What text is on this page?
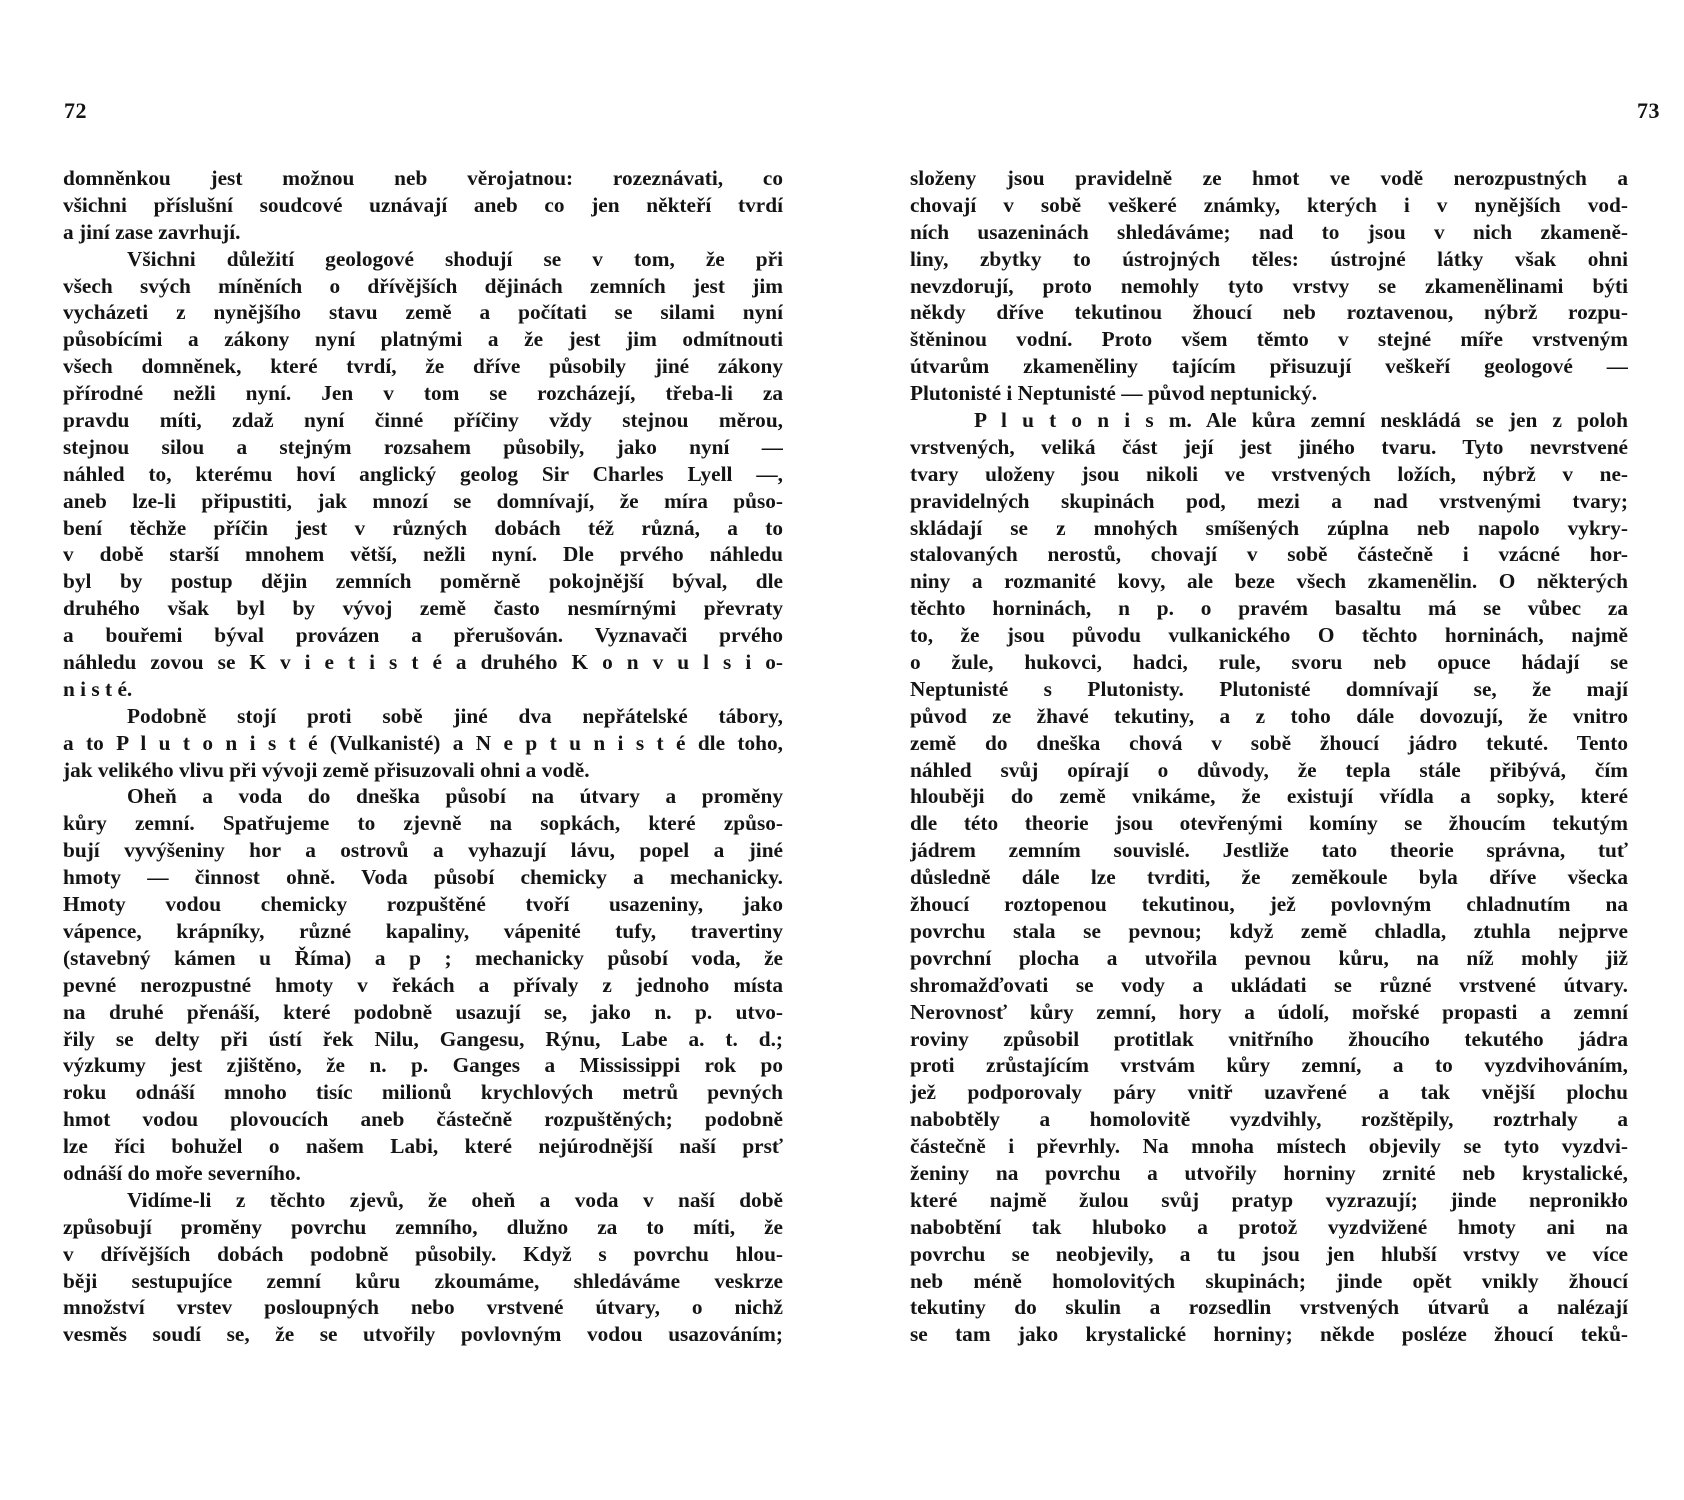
72
domněnkou jest možnou neb věrojatnou: rozeznávati, co
všichni příslušní soudcové uznávají aneb co jen někteří tvrdí
a jiní zase zavrhují.
Všichni důležití geologové shodují se v tom, že při
všech svých míněních o dřívějších dějinách zemních jest jim
vycházeti z nynějšího stavu země a počítati se silami nyní
působícími a zákony nyní platnými a že jest jim odmítnouti
všech domněnek, které tvrdí, že dříve působily jiné zákony
přírodné nežli nyní. Jen v tom se rozcházejí, třeba-li za
pravdu míti, zdaž nyní činné příčiny vždy stejnou měrou,
stejnou silou a stejným rozsahem působily, jako nyní —
náhled to, kterému hoví anglický geolog Sir Charles Lyell —,
aneb lze-li připustiti, jak mnozí se domnívají, že míra půso-
bení těchže příčin jest v různých dobách též různá, a to
v době starší mnohem větší, nežli nyní. Dle prvého náhledu
byl by postup dějin zemních poměrně pokojnější býval, dle
druhého však byl by vývoj země často nesmírnými převraty
a bouřemi býval provázen a přerušován. Vyznavači prvého
náhledu zovou se K v i e t i s t é a druhého K o n v u l s i o-
n i s t é.
Podobně stojí proti sobě jiné dva nepřátelské tábory,
a to P l u t o n i s t é (Vulkanisté) a N e p t u n i s t é dle toho,
jak velikého vlivu při vývoji země přisuzovali ohni a vodě.
Oheň a voda do dneška působí na útvary a proměny
kůry zemní. Spatřujeme to zjevně na sopkách, které způso-
bují vyvýšeniny hor a ostrovů a vyhazují lávu, popel a jiné
hmoty — činnost ohně. Voda působí chemicky a mechanicky.
Hmoty vodou chemicky rozpuštěné tvoří usazeniny, jako
vápence, krápníky, různé kapaliny, vápenité tufy, travertiny
(stavebný kámen u Říma) a p ; mechanicky působí voda, že
pevné nerozpustné hmoty v řekách a přívaly z jednoho místa
na druhé přenáší, které podobně usazují se, jako n. p. utvo-
řily se delty při ústí řek Nilu, Gangesu, Rýnu, Labe a. t. d.;
výzkumy jest zjištěno, že n. p. Ganges a Mississippi rok po
roku odnáší mnoho tisíc milionů krychlových metrů pevných
hmot vodou plovoucích aneb částečně rozpuštěných; podobně
lze říci bohužel o našem Labi, které nejúrodnější naší prsť
odnáší do moře severního.
Vidíme-li z těchto zjevů, že oheň a voda v naší době
způsobují proměny povrchu zemního, dlužno za to míti, že
v dřívějších dobách podobně působily. Když s povrchu hlou-
běji sestupujíce zemní kůru zkoumáme, shledáváme veskrze
množství vrstev posloupných nebo vrstvené útvary, o nichž
vesměs soudí se, že se utvořily povlovným vodou usazováním;
73
složeny jsou pravidelně ze hmot ve vodě nerozpustných a
chovají v sobě veškeré známky, kterých i v nynějších vod-
ních usazeninách shledáváme; nad to jsou v nich zkameně-
liny, zbytky to ústrojných těles: ústrojné látky však ohni
nevzdorují, proto nemohly tyto vrstvy se zkamenělinami býti
někdy dříve tekutinou žhoucí neb roztavenou, nýbrž rozpu-
štěninou vodní. Proto všem těmto v stejné míře vrstveným
útvarům zkameněliny tajícím přisuzují veškeří geologové —
Plutonisté i Neptunisté — původ neptunický.
P l u t o n i s m. Ale kůra zemní neskládá se jen z poloh
vrstvených, veliká část její jest jiného tvaru. Tyto nevrstvené
tvary uloženy jsou nikoli ve vrstvených ložích, nýbrž v ne-
pravidelných skupinách pod, mezi a nad vrstvenými tvary;
skládají se z mnohých smíšených zúplna neb napolo vykry-
stalovaných nerostů, chovají v sobě částečně i vzácné hor-
niny a rozmanité kovy, ale beze všech zkamenělin. O některých
těchto horninách, n p. o pravém basaltu má se vůbec za
to, že jsou původu vulkanického O těchto horninách, najmě
o žule, hukovci, hadci, rule, svoru neb opuce hádají se
Neptunisté s Plutonisty. Plutonisté domnívají se, že mají
původ ze žhavé tekutiny, a z toho dále dovozují, že vnitro
země do dneška chová v sobě žhoucí jádro tekuté. Tento
náhled svůj opírají o důvody, že tepla stále přibývá, čím
hlouběji do země vnikáme, že existují vřídla a sopky, které
dle této theorie jsou otevřenými komíny se žhoucím tekutým
jádrem zemním souvislé. Jestliže tato theorie správna, tuť
důsledně dále lze tvrditi, že zeměkoule byla dříve všecka
žhoucí roztopenou tekutinou, jež povlovným chladnutím na
povrchu stala se pevnou; když země chladla, ztuhla nejprve
povrchní plocha a utvořila pevnou kůru, na níž mohly již
shromažďovati se vody a ukládati se různé vrstvené útvary.
Nerovnosť kůry zemní, hory a údolí, mořské propasti a zemní
roviny způsobil protitlak vnitřního žhoucího tekutého jádra
proti zrůstajícím vrstvám kůry zemní, a to vyzdvihováním,
jež podporovaly páry vnitř uzavřené a tak vnější plochu
nabobtěly a homolovitě vyzdvihly, rozštěpily, roztrhaly a
částečně i převrhly. Na mnoha místech objevily se tyto vyzdvi-
ženiny na povrchu a utvořily horniny zrnité neb krystalické,
které najmě žulou svůj pratyp vyzrazují; jinde nepronikło
nabobtění tak hluboko a protož vyzdvižené hmoty ani na
povrchu se neobjevily, a tu jsou jen hlubší vrstvy ve více
neb méně homolovitých skupinách; jinde opět vnikly žhoucí
tekutiny do skulin a rozsedlin vrstvených útvarů a nalézají
se tam jako krystalické horniny; někde posléze žhoucí teků-
